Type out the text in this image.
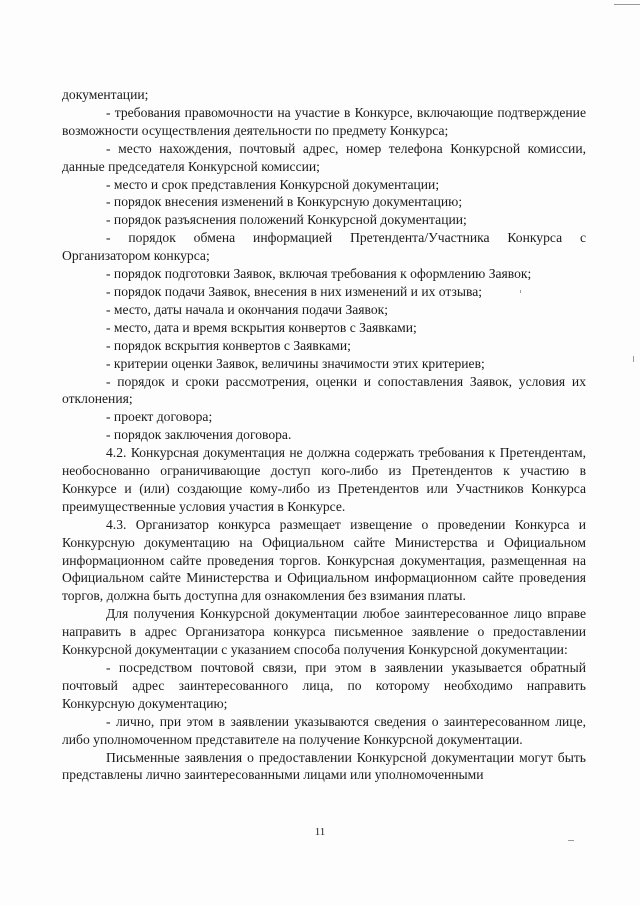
документации;

- требования правомочности на участие в Конкурсе, включающие подтверждение возможности осуществления деятельности по предмету Конкурса;

- место нахождения, почтовый адрес, номер телефона Конкурсной комиссии, данные председателя Конкурсной комиссии;

- место и срок представления Конкурсной документации;

- порядок внесения изменений в Конкурсную документацию;

- порядок разъяснения положений Конкурсной документации;

- порядок обмена информацией Претендента/Участника Конкурса с Организатором конкурса;

- порядок подготовки Заявок, включая требования к оформлению Заявок;

- порядок подачи Заявок, внесения в них изменений и их отзыва;

- место, даты начала и окончания подачи Заявок;

- место, дата и время вскрытия конвертов с Заявками;

- порядок вскрытия конвертов с Заявками;

- критерии оценки Заявок, величины значимости этих критериев;

- порядок и сроки рассмотрения, оценки и сопоставления Заявок, условия их отклонения;

- проект договора;

- порядок заключения договора.

4.2. Конкурсная документация не должна содержать требования к Претендентам, необоснованно ограничивающие доступ кого-либо из Претендентов к участию в Конкурсе и (или) создающие кому-либо из Претендентов или Участников Конкурса преимущественные условия участия в Конкурсе.

4.3. Организатор конкурса размещает извещение о проведении Конкурса и Конкурсную документацию на Официальном сайте Министерства и Официальном информационном сайте проведения торгов. Конкурсная документация, размещенная на Официальном сайте Министерства и Официальном информационном сайте проведения торгов, должна быть доступна для ознакомления без взимания платы.

Для получения Конкурсной документации любое заинтересованное лицо вправе направить в адрес Организатора конкурса письменное заявление о предоставлении Конкурсной документации с указанием способа получения Конкурсной документации:

- посредством почтовой связи, при этом в заявлении указывается обратный почтовый адрес заинтересованного лица, по которому необходимо направить Конкурсную документацию;

- лично, при этом в заявлении указываются сведения о заинтересованном лице, либо уполномоченном представителе на получение Конкурсной документации.

Письменные заявления о предоставлении Конкурсной документации могут быть представлены лично заинтересованными лицами или уполномоченными

11
